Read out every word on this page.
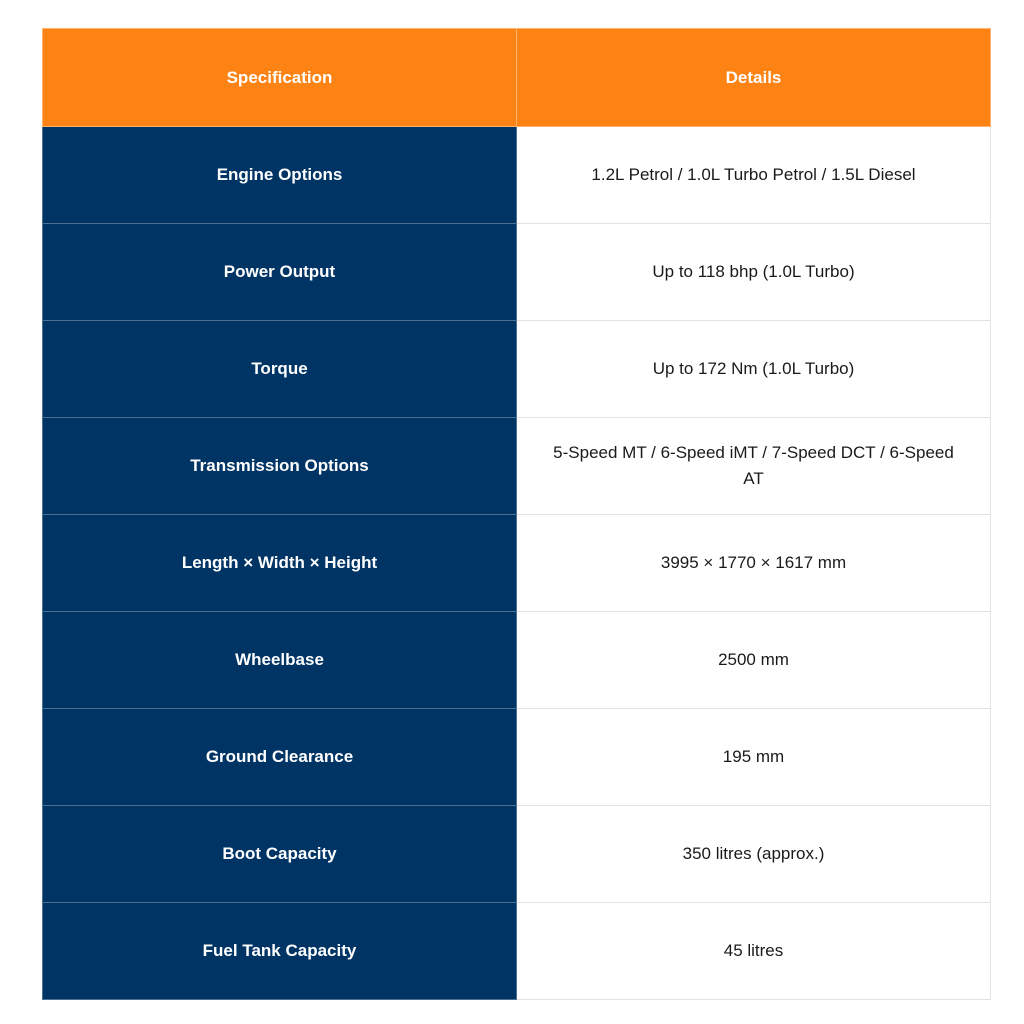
Specification	Details
Engine Options	1.2L Petrol / 1.0L Turbo Petrol / 1.5L Diesel
Power Output	Up to 118 bhp (1.0L Turbo)
Torque	Up to 172 Nm (1.0L Turbo)
Transmission Options	5-Speed MT / 6-Speed iMT / 7-Speed DCT / 6-Speed AT
Length × Width × Height	3995 × 1770 × 1617 mm
Wheelbase	2500 mm
Ground Clearance	195 mm
Boot Capacity	350 litres (approx.)
Fuel Tank Capacity	45 litres
